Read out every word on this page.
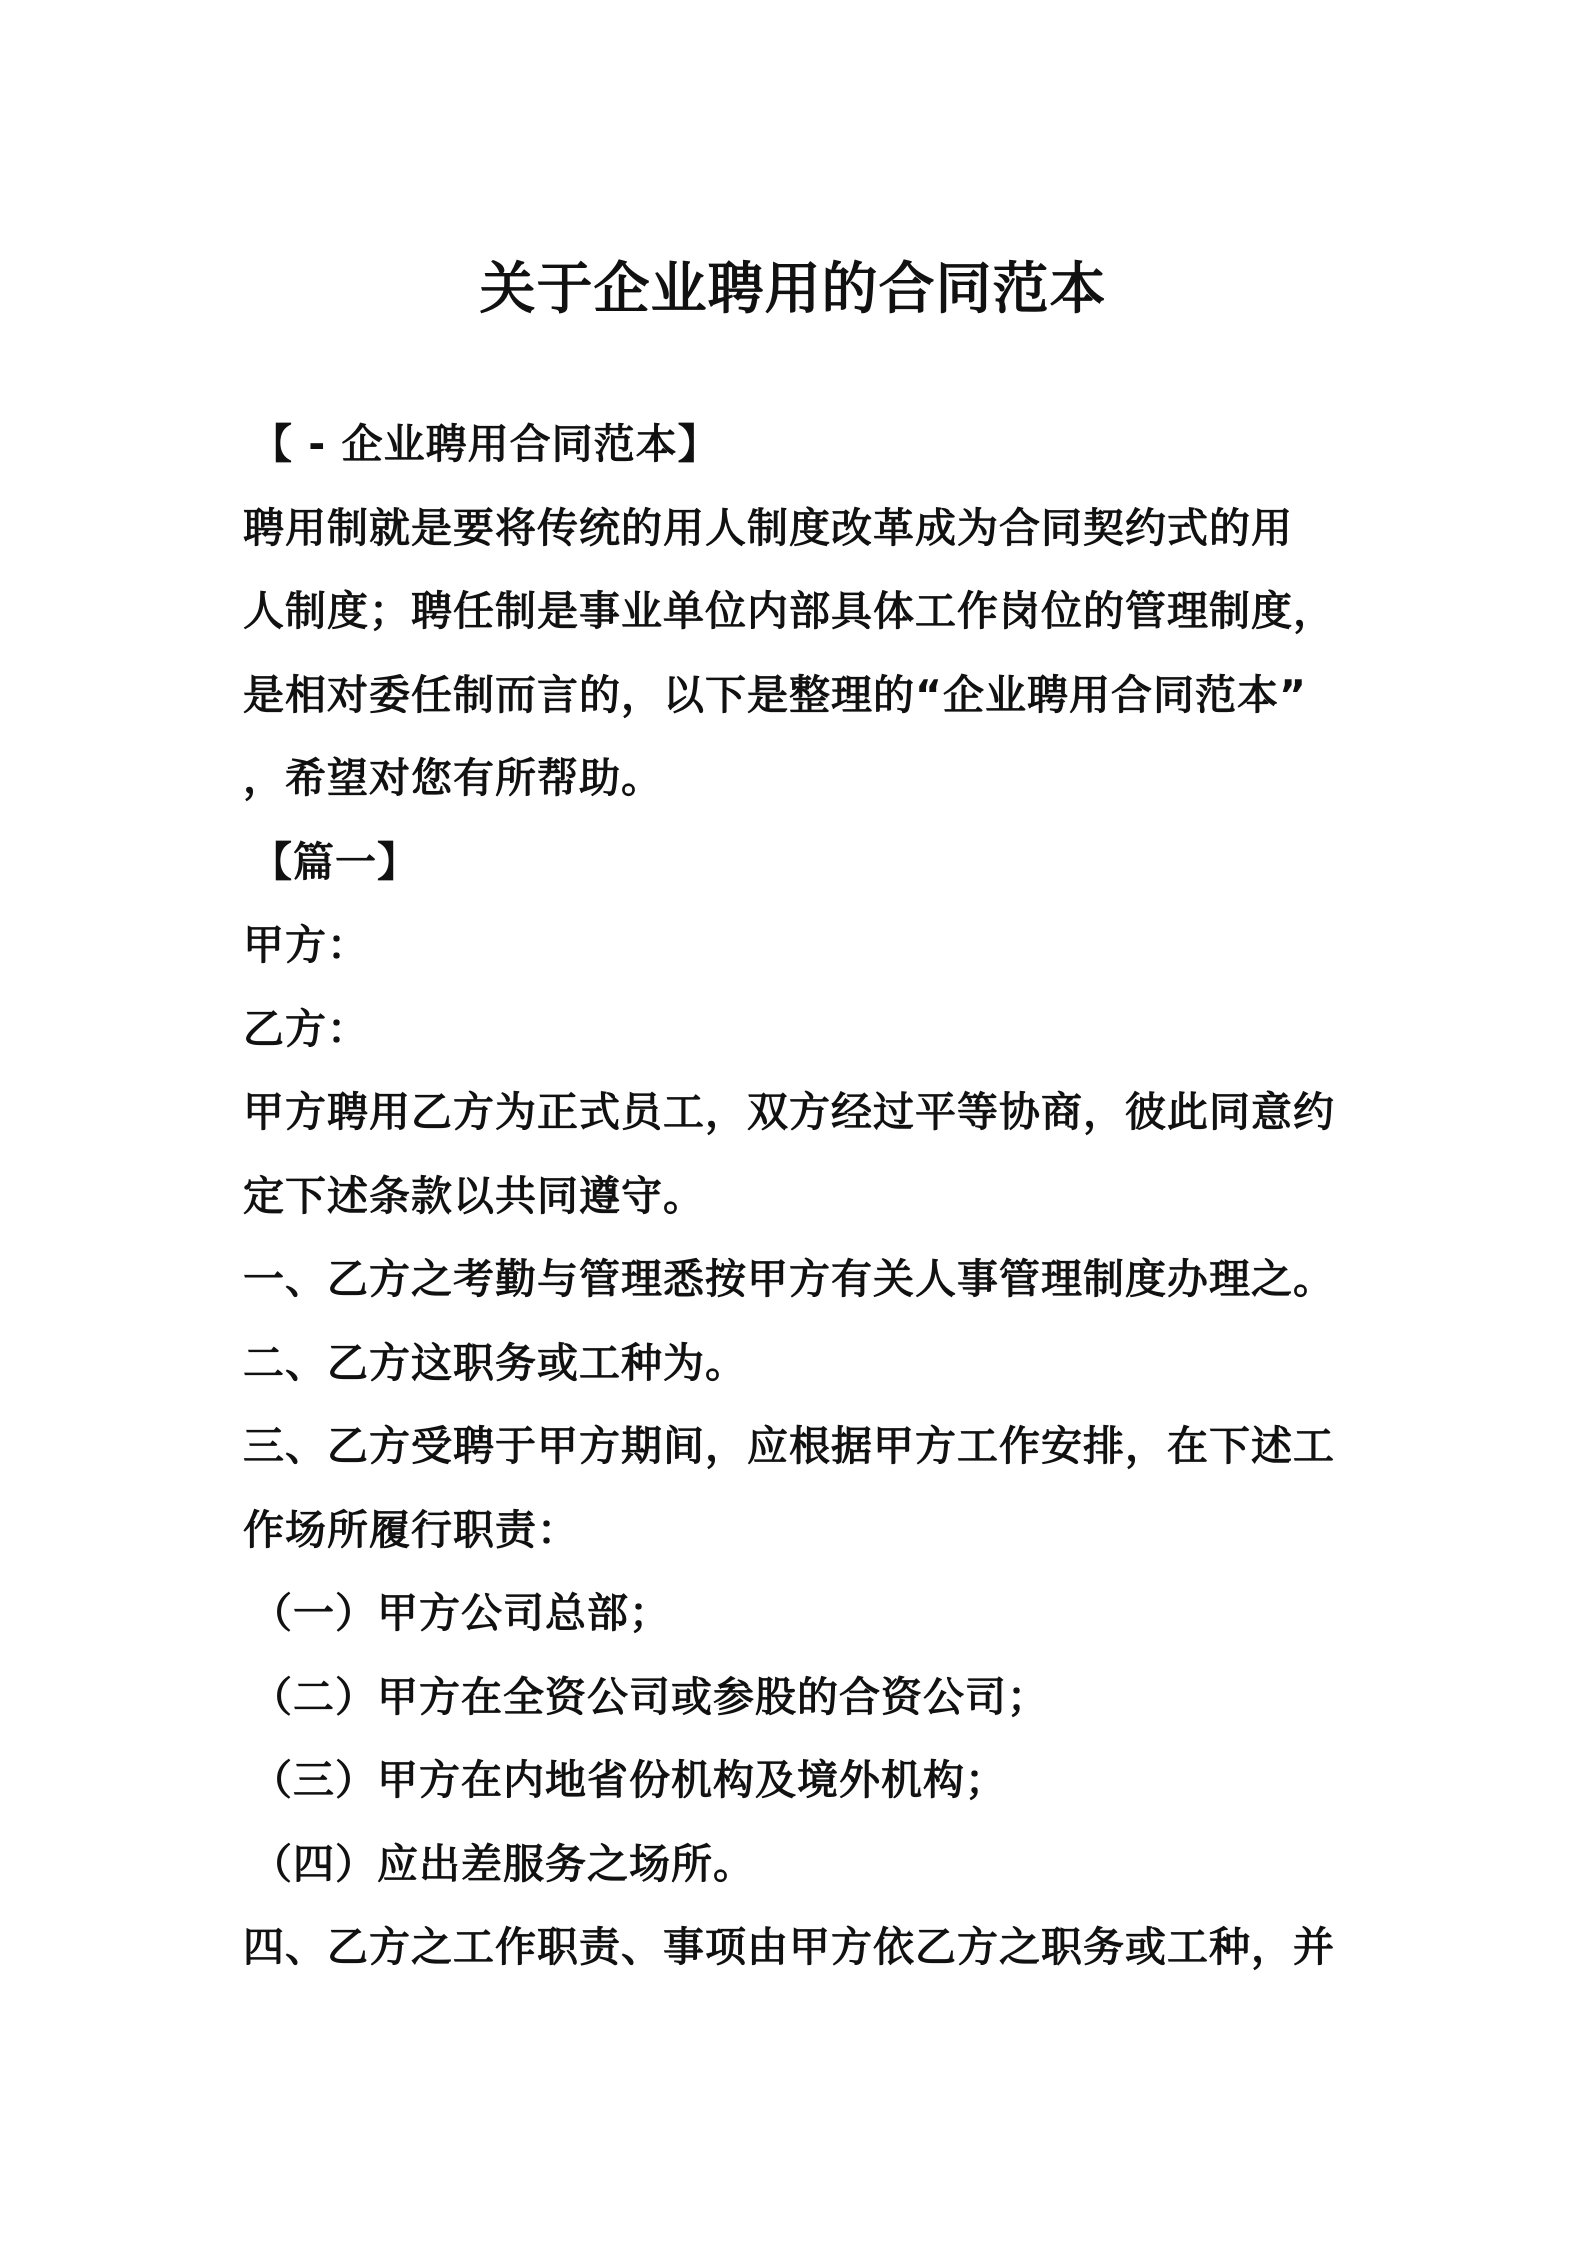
关于企业聘用的合同范本
【 - 企业聘用合同范本】
聘用制就是要将传统的用人制度改革成为合同契约式的用
人制度；聘任制是事业单位内部具体工作岗位的管理制度，
是相对委任制而言的，以下是整理的“企业聘用合同范本”
，希望对您有所帮助。
【篇一】
甲方：
乙方：
甲方聘用乙方为正式员工，双方经过平等协商，彼此同意约
定下述条款以共同遵守。
一、乙方之考勤与管理悉按甲方有关人事管理制度办理之。
二、乙方这职务或工种为。
三、乙方受聘于甲方期间，应根据甲方工作安排，在下述工
作场所履行职责：
（一）甲方公司总部；
（二）甲方在全资公司或参股的合资公司；
（三）甲方在内地省份机构及境外机构；
（四）应出差服务之场所。
四、乙方之工作职责、事项由甲方依乙方之职务或工种，并
